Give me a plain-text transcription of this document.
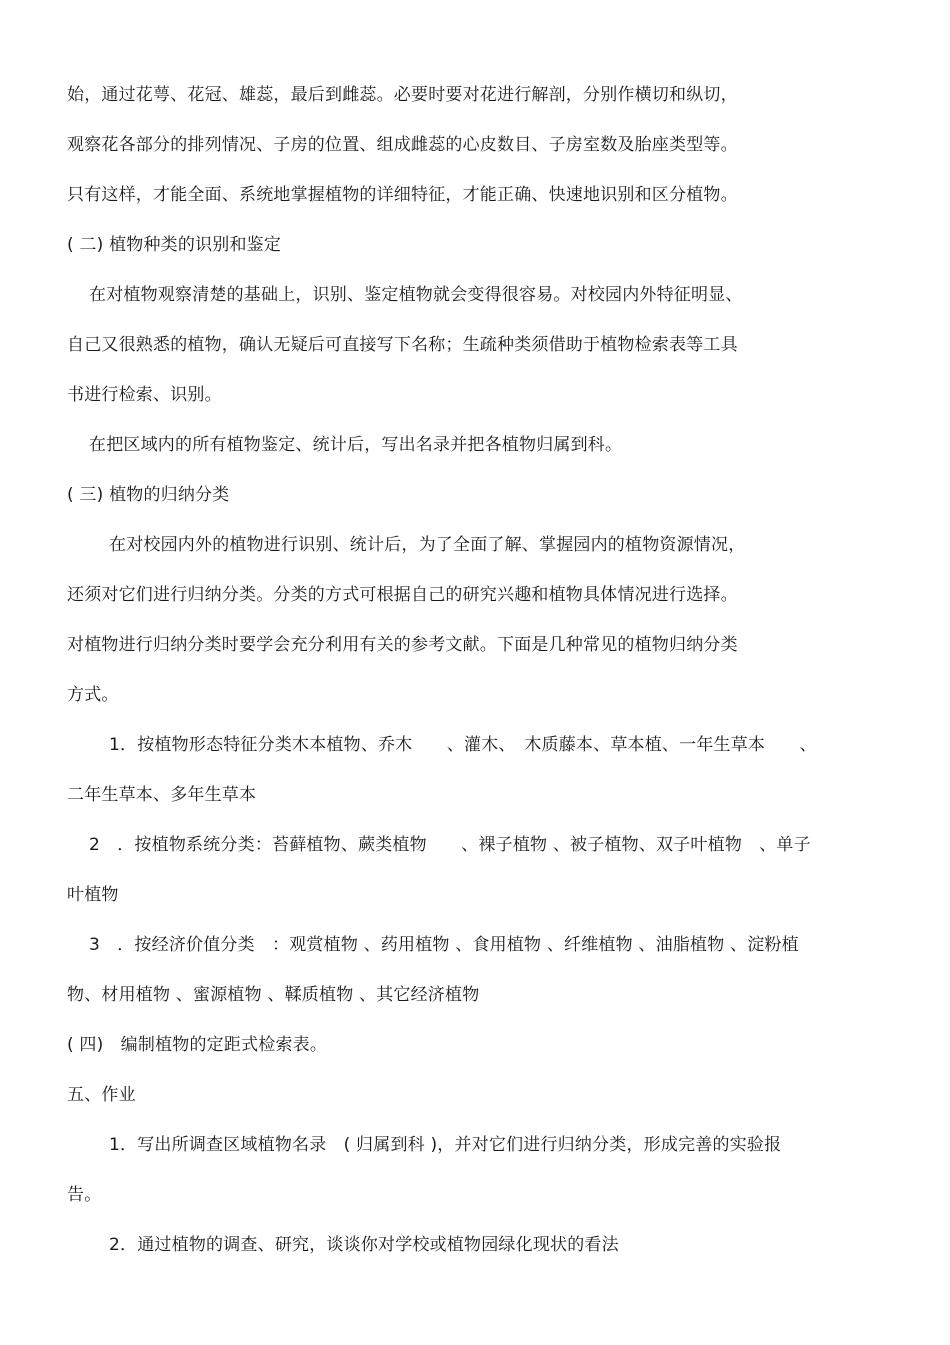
始，通过花萼、花冠、雄蕊，最后到雌蕊。必要时要对花进行解剖，分别作横切和纵切，
观察花各部分的排列情况、子房的位置、组成雌蕊的心皮数目、子房室数及胎座类型等。
只有这样，才能全面、系统地掌握植物的详细特征，才能正确、快速地识别和区分植物。
( 二) 植物种类的识别和鉴定
在对植物观察清楚的基础上，识别、鉴定植物就会变得很容易。对校园内外特征明显、
自己又很熟悉的植物，确认无疑后可直接写下名称；生疏种类须借助于植物检索表等工具
书进行检索、识别。
在把区域内的所有植物鉴定、统计后，写出名录并把各植物归属到科。
( 三) 植物的归纳分类
在对校园内外的植物进行识别、统计后，为了全面了解、掌握园内的植物资源情况，
还须对它们进行归纳分类。分类的方式可根据自己的研究兴趣和植物具体情况进行选择。
对植物进行归纳分类时要学会充分利用有关的参考文献。下面是几种常见的植物归纳分类
方式。
1．按植物形态特征分类木本植物、乔木　　、灌木、　木质藤本、草本植、一年生草本　　、
二年生草本、多年生草本
2　．按植物系统分类：苔藓植物、蕨类植物　　、裸子植物 、被子植物、双子叶植物　、单子
叶植物
3　．按经济价值分类　：观赏植物 、药用植物 、食用植物 、纤维植物 、油脂植物 、淀粉植
物、材用植物 、蜜源植物 、鞣质植物 、其它经济植物
( 四)　编制植物的定距式检索表。
五、作业
1．写出所调查区域植物名录　( 归属到科 )，并对它们进行归纳分类，形成完善的实验报
告。
2．通过植物的调查、研究，谈谈你对学校或植物园绿化现状的看法
